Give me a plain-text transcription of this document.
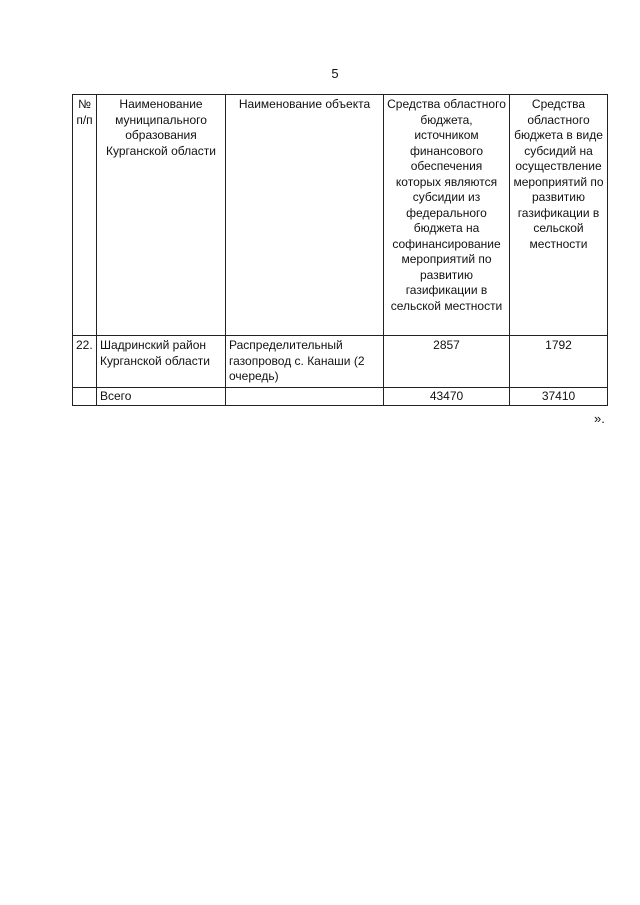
5
№ п/п	Наименование муниципального образования Курганской области	Наименование объекта	Средства областного бюджета, источником финансового обеспечения которых являются субсидии из федерального бюджета на софинансирование мероприятий по развитию газификации в сельской местности	Средства областного бюджета в виде субсидий на осуществление мероприятий по развитию газификации в сельской местности
22.	Шадринский район Курганской области	Распределительный газопровод с. Канаши (2 очередь)	2857	1792
	Всего		43470	37410
».
